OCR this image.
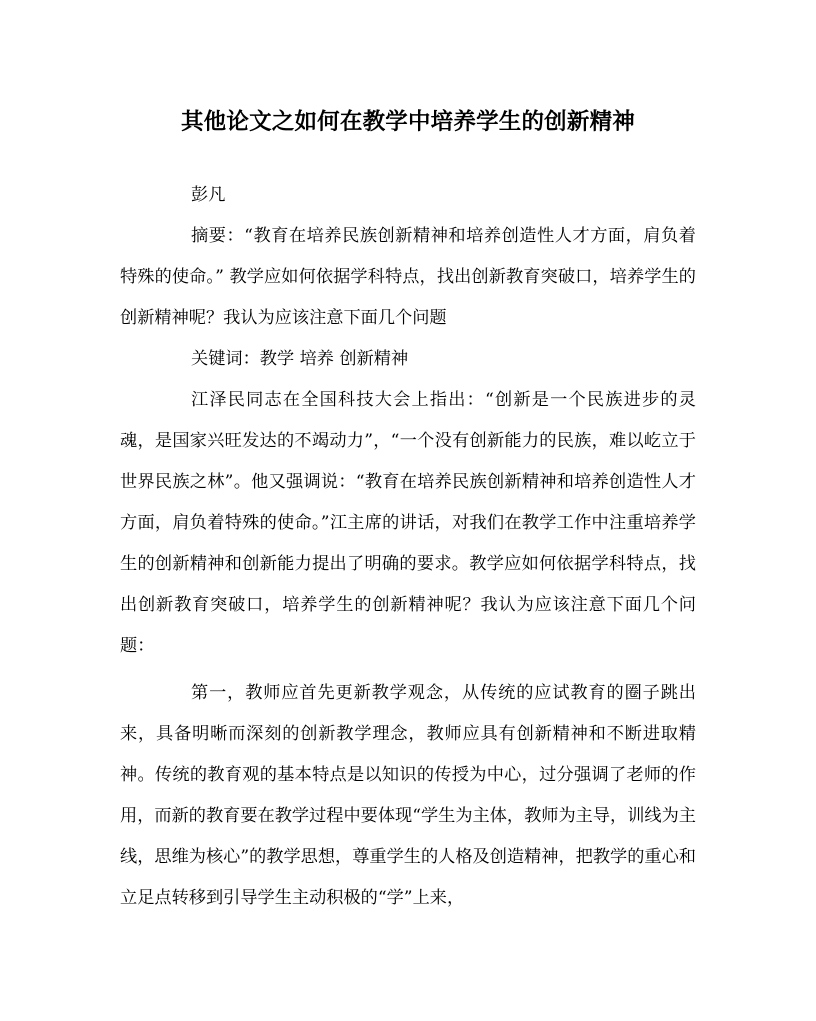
其他论文之如何在教学中培养学生的创新精神

彭凡

摘要：“教育在培养民族创新精神和培养创造性人才方面，肩负着特殊的使命。” 教学应如何依据学科特点，找出创新教育突破口，培养学生的创新精神呢？我认为应该注意下面几个问题

关键词：教学 培养 创新精神

江泽民同志在全国科技大会上指出：“创新是一个民族进步的灵魂，是国家兴旺发达的不竭动力”，“一个没有创新能力的民族，难以屹立于世界民族之林”。他又强调说：“教育在培养民族创新精神和培养创造性人才方面，肩负着特殊的使命。”江主席的讲话，对我们在教学工作中注重培养学生的创新精神和创新能力提出了明确的要求。教学应如何依据学科特点，找出创新教育突破口，培养学生的创新精神呢？我认为应该注意下面几个问题：

第一，教师应首先更新教学观念，从传统的应试教育的圈子跳出来，具备明晰而深刻的创新教学理念，教师应具有创新精神和不断进取精神。传统的教育观的基本特点是以知识的传授为中心，过分强调了老师的作用，而新的教育要在教学过程中要体现“学生为主体，教师为主导，训线为主线，思维为核心”的教学思想，尊重学生的人格及创造精神，把教学的重心和立足点转移到引导学生主动积极的“学”上来，
